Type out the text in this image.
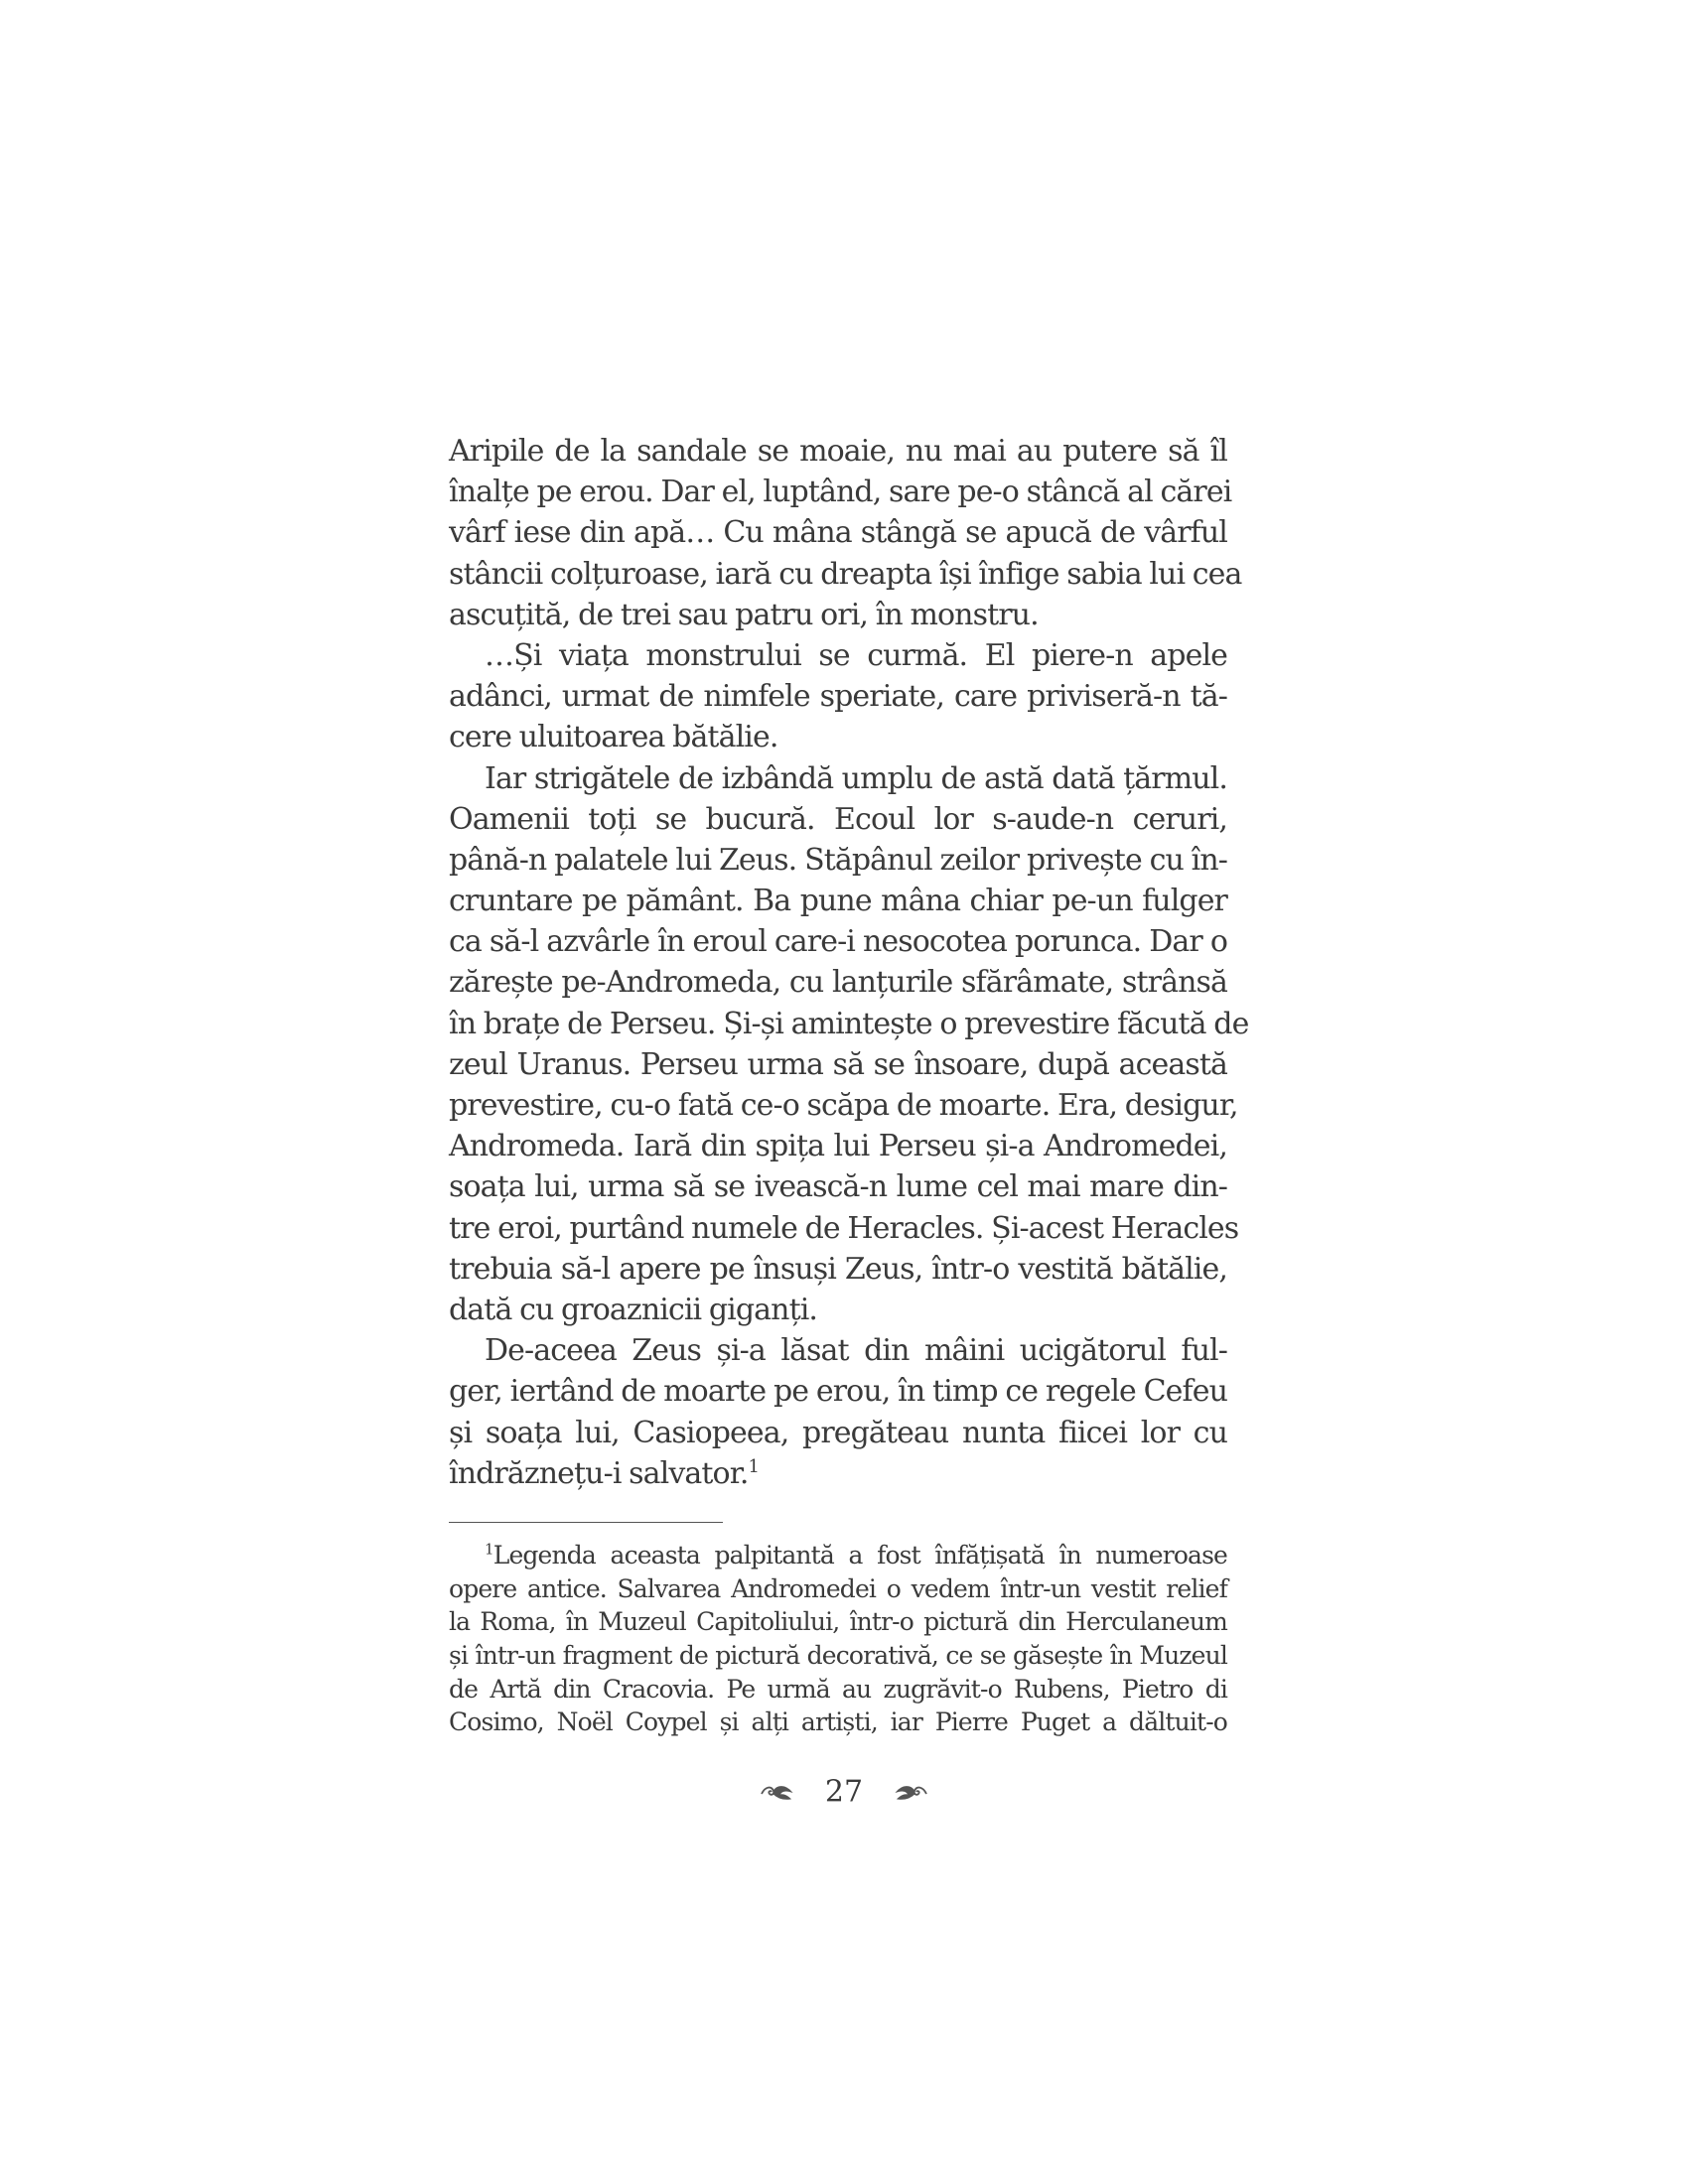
Aripile de la sandale se moaie, nu mai au putere să îl
înalțe pe erou. Dar el, luptând, sare pe-o stâncă al cărei
vârf iese din apă… Cu mâna stângă se apucă de vârful
stâncii colțuroase, iară cu dreapta își înfige sabia lui cea
ascuțită, de trei sau patru ori, în monstru.
…Și viața monstrului se curmă. El piere-n apele
adânci, urmat de nimfele speriate, care priviseră-n tă-
cere uluitoarea bătălie.
Iar strigătele de izbândă umplu de astă dată țărmul.
Oamenii toți se bucură. Ecoul lor s-aude-n ceruri,
până-n palatele lui Zeus. Stăpânul zeilor privește cu în-
cruntare pe pământ. Ba pune mâna chiar pe-un fulger
ca să-l azvârle în eroul care-i nesocotea porunca. Dar o
zărește pe-Andromeda, cu lanțurile sfărâmate, strânsă
în brațe de Perseu. Și-și amintește o prevestire făcută de
zeul Uranus. Perseu urma să se însoare, după această
prevestire, cu-o fată ce-o scăpa de moarte. Era, desigur,
Andromeda. Iară din spița lui Perseu și-a Andromedei,
soața lui, urma să se ivească-n lume cel mai mare din-
tre eroi, purtând numele de Heracles. Și-acest Heracles
trebuia să-l apere pe însuși Zeus, într-o vestită bătălie,
dată cu groaznicii giganți.
De-aceea Zeus și-a lăsat din mâini ucigătorul ful-
ger, iertând de moarte pe erou, în timp ce regele Cefeu
și soața lui, Casiopeea, pregăteau nunta fiicei lor cu
îndrăznețu-i salvator.$^1$
$^1$Legenda aceasta palpitantă a fost înfățișată în numeroase
opere antice. Salvarea Andromedei o vedem într-un vestit relief
la Roma, în Muzeul Capitoliului, într-o pictură din Herculaneum
și într-un fragment de pictură decorativă, ce se găsește în Muzeul
de Artă din Cracovia. Pe urmă au zugrăvit-o Rubens, Pietro di
Cosimo, Noël Coypel și alți artiști, iar Pierre Puget a dăltuit-o
27
